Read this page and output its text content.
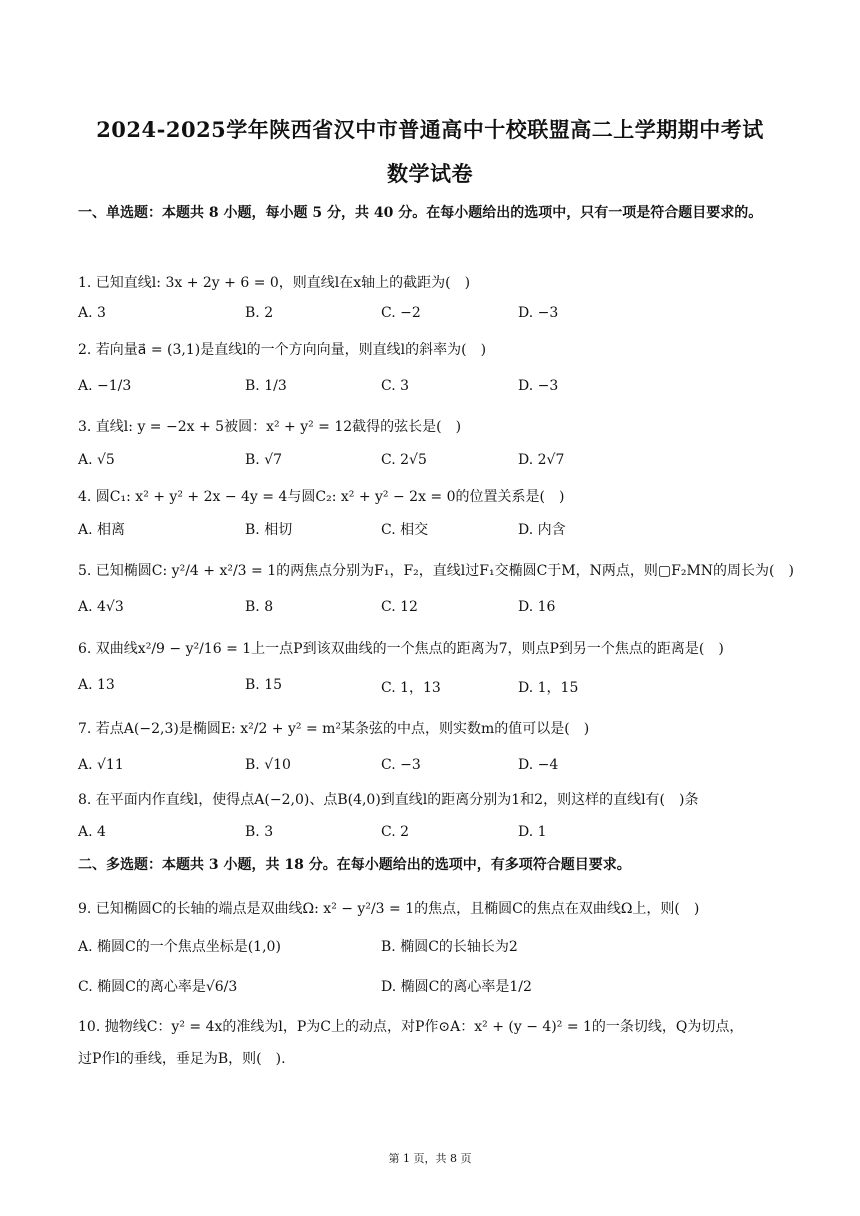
2024-2025学年陕西省汉中市普通高中十校联盟高二上学期期中考试
数学试卷
一、单选题：本题共 8 小题，每小题 5 分，共 40 分。在每小题给出的选项中，只有一项是符合题目要求的。
1. 已知直线l: 3x + 2y + 6 = 0，则直线l在x轴上的截距为(　)
A. 3	B. 2	C. −2	D. −3
2. 若向量a⃗ = (3,1)是直线l的一个方向向量，则直线l的斜率为(　)
A. −1/3	B. 1/3	C. 3	D. −3
3. 直线l: y = −2x + 5被圆：x² + y² = 12截得的弦长是(　)
A. √5	B. √7	C. 2√5	D. 2√7
4. 圆C₁: x² + y² + 2x − 4y = 4与圆C₂: x² + y² − 2x = 0的位置关系是(　)
A. 相离	B. 相切	C. 相交	D. 内含
5. 已知椭圆C: y²/4 + x²/3 = 1的两焦点分别为F₁，F₂，直线l过F₁交椭圆C于M，N两点，则▢F₂MN的周长为(　)
A. 4√3	B. 8	C. 12	D. 16
6. 双曲线x²/9 − y²/16 = 1上一点P到该双曲线的一个焦点的距离为7，则点P到另一个焦点的距离是(　)
A. 13	B. 15	C. 1，13	D. 1，15
7. 若点A(−2,3)是椭圆E: x²/2 + y² = m²某条弦的中点，则实数m的值可以是(　)
A. √11	B. √10	C. −3	D. −4
8. 在平面内作直线l，使得点A(−2,0)、点B(4,0)到直线l的距离分别为1和2，则这样的直线l有(　)条
A. 4	B. 3	C. 2	D. 1
二、多选题：本题共 3 小题，共 18 分。在每小题给出的选项中，有多项符合题目要求。
9. 已知椭圆C的长轴的端点是双曲线Ω: x² − y²/3 = 1的焦点，且椭圆C的焦点在双曲线Ω上，则(　)
A. 椭圆C的一个焦点坐标是(1,0)	B. 椭圆C的长轴长为2
C. 椭圆C的离心率是√6/3	D. 椭圆C的离心率是1/2
10. 抛物线C：y² = 4x的准线为l，P为C上的动点，对P作⊙A：x² + (y − 4)² = 1的一条切线，Q为切点，
过P作l的垂线，垂足为B，则(　).
第 1 页，共 8 页
